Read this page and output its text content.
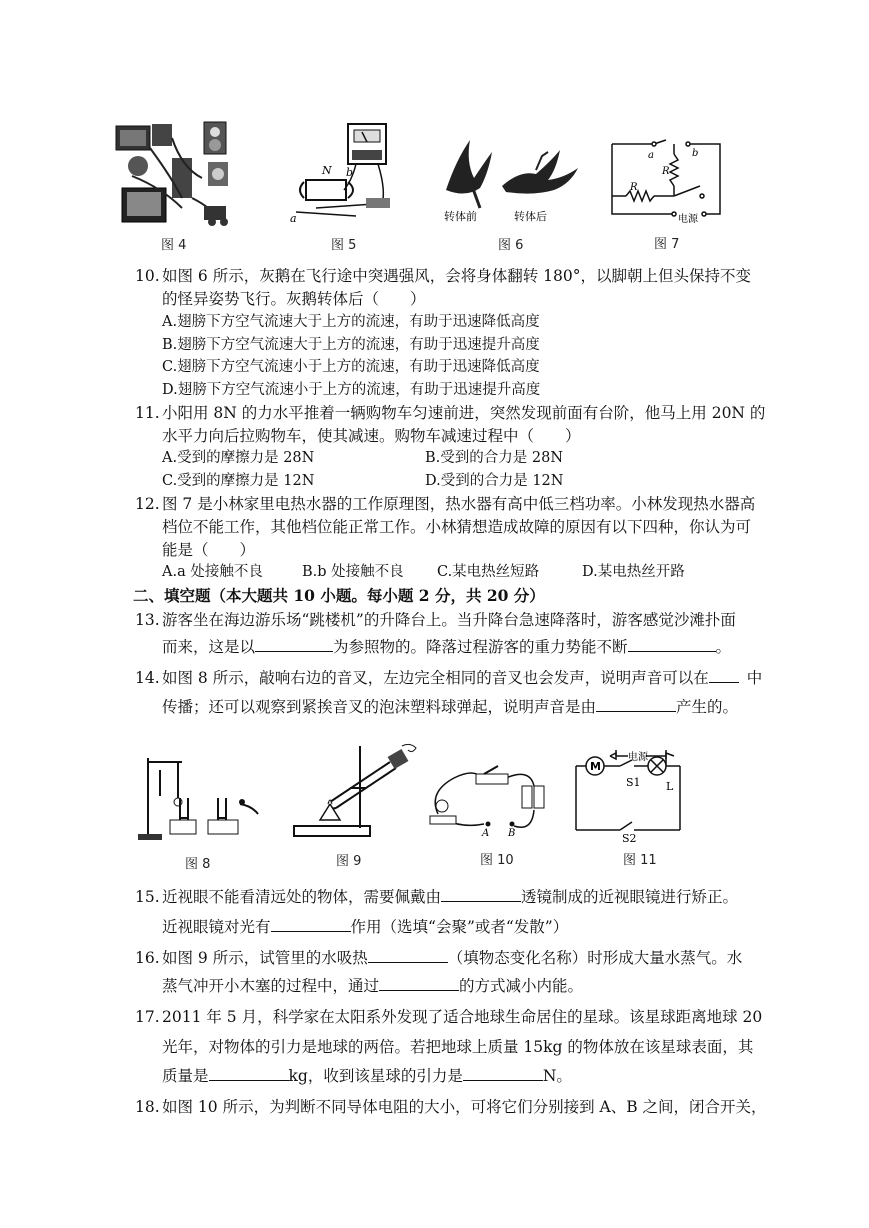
图 4
N b
a
图 5
转体前	转体后
图 6
a	b
R
R
电源
图 7
10. 如图 6 所示，灰鹅在飞行途中突遇强风，会将身体翻转 180°，以脚朝上但头保持不变
的怪异姿势飞行。灰鹅转体后（　　）
A.翅膀下方空气流速大于上方的流速，有助于迅速降低高度
B.翅膀下方空气流速大于上方的流速，有助于迅速提升高度
C.翅膀下方空气流速小于上方的流速，有助于迅速降低高度
D.翅膀下方空气流速小于上方的流速，有助于迅速提升高度
11. 小阳用 8N 的力水平推着一辆购物车匀速前进，突然发现前面有台阶，他马上用 20N 的
水平力向后拉购物车，使其减速。购物车减速过程中（　　）
A.受到的摩擦力是 28N	B.受到的合力是 28N
C.受到的摩擦力是 12N	D.受到的合力是 12N
12. 图 7 是小林家里电热水器的工作原理图，热水器有高中低三档功率。小林发现热水器高
档位不能工作，其他档位能正常工作。小林猜想造成故障的原因有以下四种，你认为可
能是（　　）
A.a 处接触不良	B.b 处接触不良 C.某电热丝短路	D.某电热丝开路
二、填空题（本大题共 10 小题。每小题 2 分，共 20 分）
13. 游客坐在海边游乐场“跳楼机”的升降台上。当升降台急速降落时，游客感觉沙滩扑面
而来，这是以	为参照物的。降落过程游客的重力势能不断	。
14. 如图 8 所示，敲响右边的音叉，左边完全相同的音叉也会发声，说明声音可以在 中
传播；还可以观察到紧挨音叉的泡沫塑料球弹起，说明声音是由	产生的。
图 8	图 9
A B
图 10
M
电源
S1 L
S2
图 11
15. 近视眼不能看清远处的物体，需要佩戴由	透镜制成的近视眼镜进行矫正。
近视眼镜对光有	作用（选填“会聚”或者“发散”）
16. 如图 9 所示，试管里的水吸热	（填物态变化名称）时形成大量水蒸气。水
蒸气冲开小木塞的过程中，通过	的方式减小内能。
17. 2011 年 5 月，科学家在太阳系外发现了适合地球生命居住的星球。该星球距离地球 20
光年，对物体的引力是地球的两倍。若把地球上质量 15kg 的物体放在该星球表面，其
质量是	kg，收到该星球的引力是	N。
18. 如图 10 所示，为判断不同导体电阻的大小，可将它们分别接到 A、B 之间，闭合开关，
